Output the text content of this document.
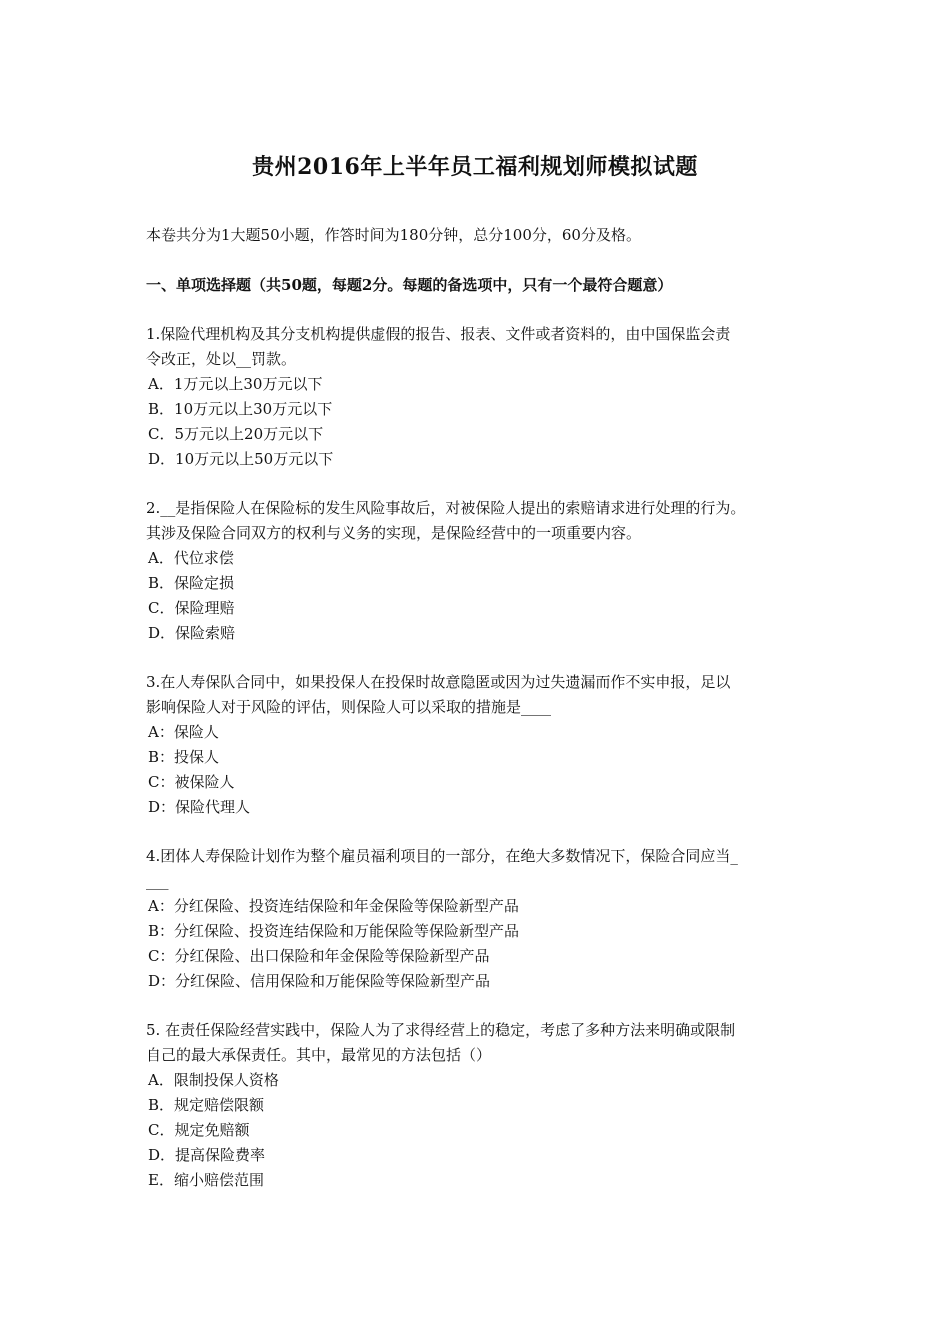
贵州2016年上半年员工福利规划师模拟试题
本卷共分为1大题50小题，作答时间为180分钟，总分100分，60分及格。
一、单项选择题（共50题，每题2分。每题的备选项中，只有一个最符合题意）
1.保险代理机构及其分支机构提供虚假的报告、报表、文件或者资料的，由中国保监会责
令改正，处以__罚款。
A．1万元以上30万元以下
B．10万元以上30万元以下
C．5万元以上20万元以下
D．10万元以上50万元以下
2.__是指保险人在保险标的发生风险事故后，对被保险人提出的索赔请求进行处理的行为。
其涉及保险合同双方的权利与义务的实现，是保险经营中的一项重要内容。
A．代位求偿
B．保险定损
C．保险理赔
D．保险索赔
3.在人寿保队合同中，如果投保人在投保时故意隐匿或因为过失遗漏而作不实申报，足以
影响保险人对于风险的评估，则保险人可以采取的措施是____
A：保险人
B：投保人
C：被保险人
D：保险代理人
4.团体人寿保险计划作为整个雇员福利项目的一部分，在绝大多数情况下，保险合同应当_
___
A：分红保险、投资连结保险和年金保险等保险新型产品
B：分红保险、投资连结保险和万能保险等保险新型产品
C：分红保险、出口保险和年金保险等保险新型产品
D：分红保险、信用保险和万能保险等保险新型产品
5. 在责任保险经营实践中，保险人为了求得经营上的稳定，考虑了多种方法来明确或限制
自己的最大承保责任。其中，最常见的方法包括（）
A．限制投保人资格
B．规定赔偿限额
C．规定免赔额
D．提高保险费率
E．缩小赔偿范围
